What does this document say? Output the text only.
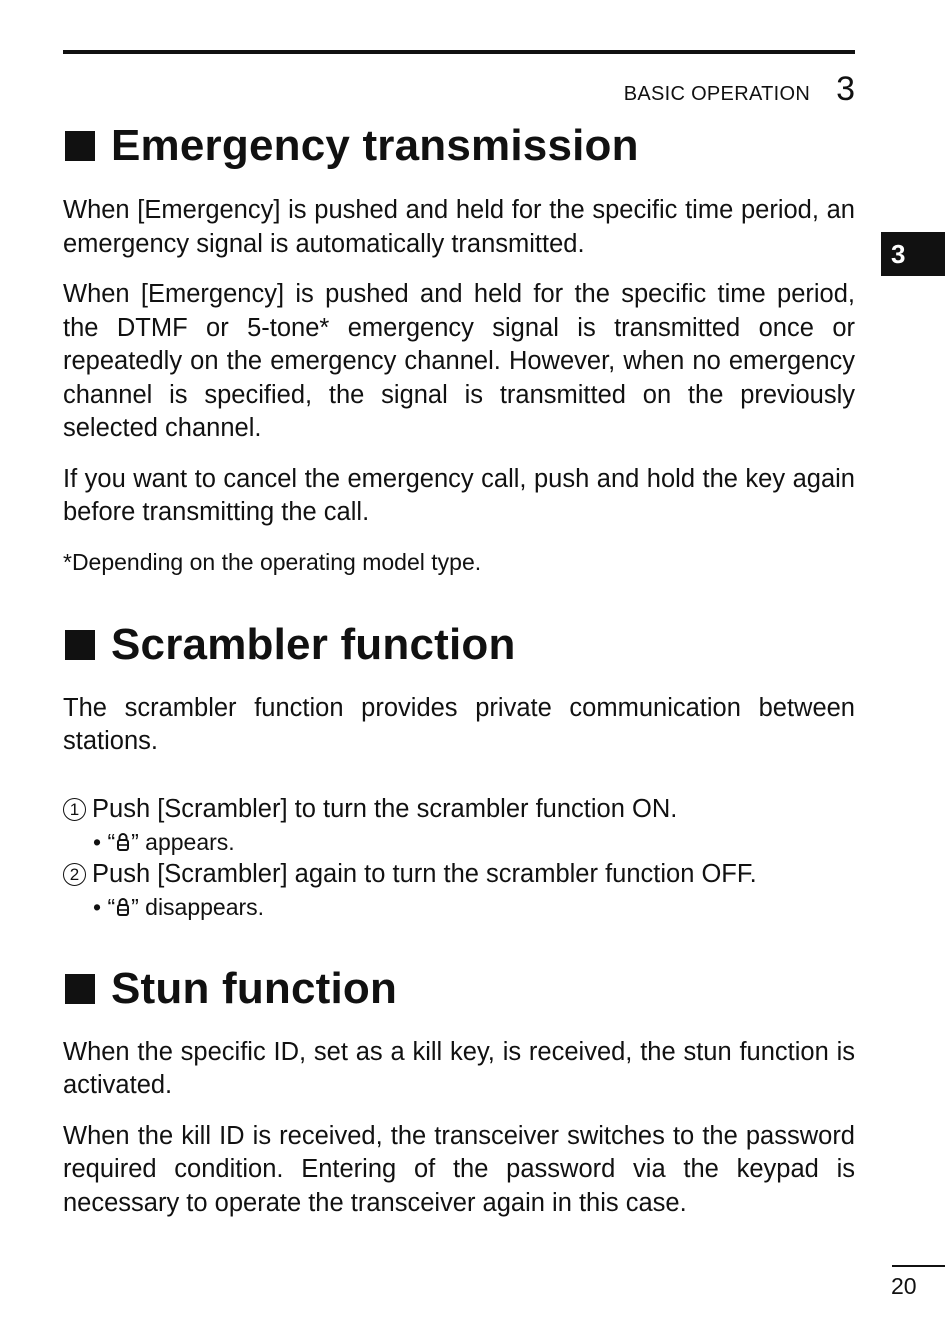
BASIC OPERATION 3
3
Emergency transmission

When [Emergency] is pushed and held for the specific time period, an emergency signal is automatically transmitted.

When [Emergency] is pushed and held for the specific time period, the DTMF or 5-tone* emergency signal is transmitted once or repeatedly on the emergency channel. However, when no emergency channel is specified, the signal is transmitted on the previously selected channel.

If you want to cancel the emergency call, push and hold the key again before transmitting the call.

*Depending on the operating model type.

Scrambler function

The scrambler function provides private communication between stations.

1 Push [Scrambler] to turn the scrambler function ON.
• “ ” appears.
2 Push [Scrambler] again to turn the scrambler function OFF.
• “ ” disappears.
Stun function

When the specific ID, set as a kill key, is received, the stun function is activated.

When the kill ID is received, the transceiver switches to the password required condition. Entering of the password via the keypad is necessary to operate the transceiver again in this case.

20
